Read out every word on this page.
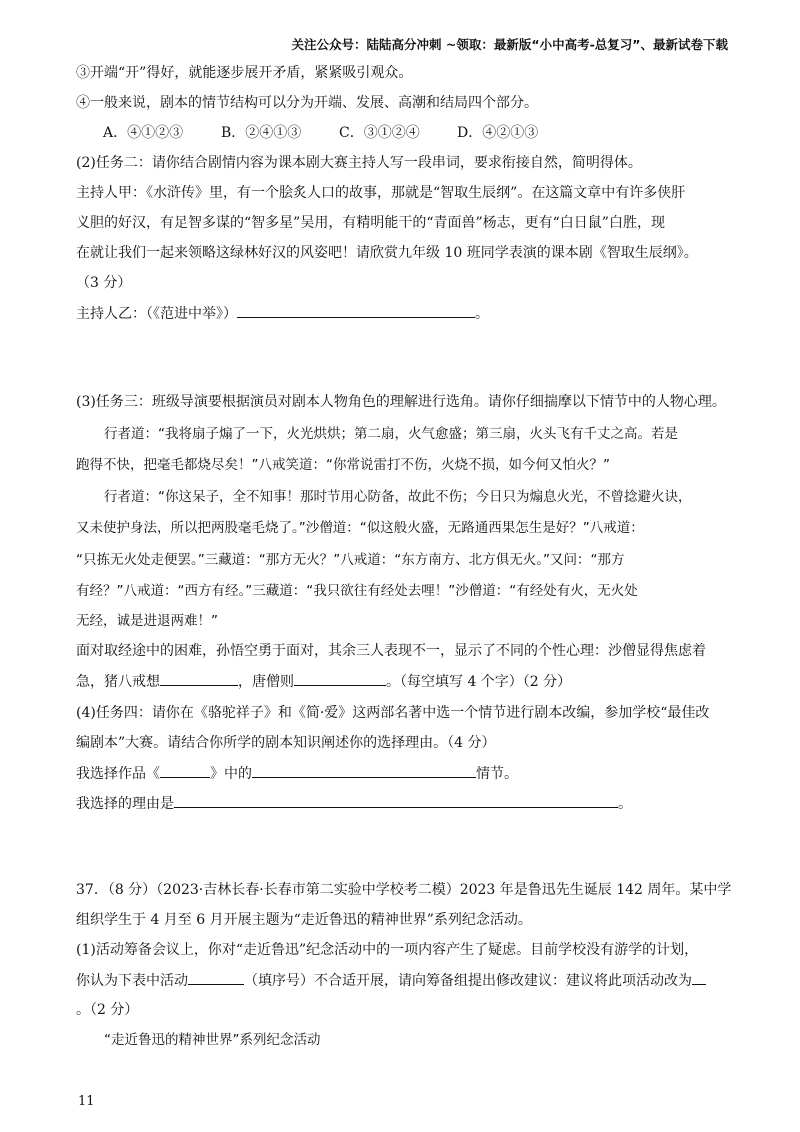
关注公众号：陆陆高分冲刺 ~领取：最新版“小中高考-总复习”、最新试卷下载
③开端“开”得好，就能逐步展开矛盾，紧紧吸引观众。
④一般来说，剧本的情节结构可以分为开端、发展、高潮和结局四个部分。
A．④①②③	B．②④①③	C．③①②④	D．④②①③
(2)任务二：请你结合剧情内容为课本剧大赛主持人写一段串词，要求衔接自然，简明得体。
主持人甲：《水浒传》里，有一个脍炙人口的故事，那就是“智取生辰纲”。在这篇文章中有许多侠肝
义胆的好汉，有足智多谋的“智多星”吴用，有精明能干的“青面兽”杨志，更有“白日鼠”白胜，现
在就让我们一起来领略这绿林好汉的风姿吧！请欣赏九年级 10 班同学表演的课本剧《智取生辰纲》。
（3 分）
主持人乙：（《范进中举》）	。
(3)任务三：班级导演要根据演员对剧本人物角色的理解进行选角。请你仔细揣摩以下情节中的人物心理。
行者道：“我将扇子煽了一下，火光烘烘；第二扇，火气愈盛；第三扇，火头飞有千丈之高。若是
跑得不快，把毫毛都烧尽矣！”八戒笑道：“你常说雷打不伤，火烧不损，如今何又怕火？”
行者道：“你这呆子，全不知事！那时节用心防备，故此不伤；今日只为煽息火光，不曾捻避火诀，
又未使护身法，所以把两股毫毛烧了。”沙僧道：“似这般火盛，无路通西果怎生是好？”八戒道：
“只拣无火处走便罢。”三藏道：“那方无火？”八戒道：“东方南方、北方俱无火。”又问：“那方
有经？”八戒道：“西方有经。”三藏道：“我只欲往有经处去哩！”沙僧道：“有经处有火，无火处
无经，诚是进退两难！”
面对取经途中的困难，孙悟空勇于面对，其余三人表现不一，显示了不同的个性心理：沙僧显得焦虑着
急，猪八戒想	，唐僧则	。（每空填写 4 个字）（2 分）
(4)任务四：请你在《骆驼祥子》和《简·爱》这两部名著中选一个情节进行剧本改编，参加学校“最佳改
编剧本”大赛。请结合你所学的剧本知识阐述你的选择理由。（4 分）
我选择作品《	》中的	情节。
我选择的理由是	。
37．（8 分）（2023·吉林长春·长春市第二实验中学校考二模）2023 年是鲁迅先生诞辰 142 周年。某中学
组织学生于 4 月至 6 月开展主题为“走近鲁迅的精神世界”系列纪念活动。
(1)活动筹备会议上，你对“走近鲁迅”纪念活动中的一项内容产生了疑虑。目前学校没有游学的计划，
你认为下表中活动	（填序号）不合适开展，请向筹备组提出修改建议：建议将此项活动改为
。（2 分）
“走近鲁迅的精神世界”系列纪念活动
11
